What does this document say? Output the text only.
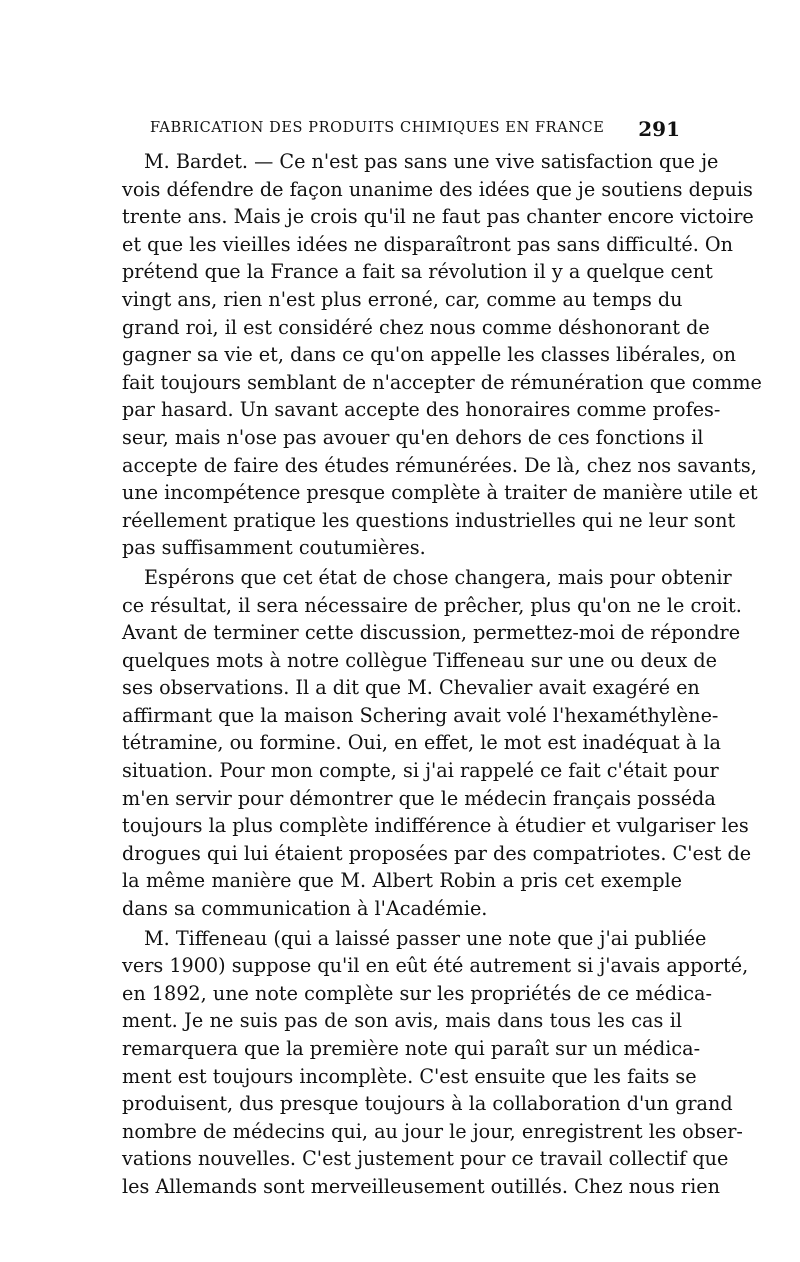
FABRICATION DES PRODUITS CHIMIQUES EN FRANCE 291
M. Bardet. — Ce n'est pas sans une vive satisfaction que je
vois défendre de façon unanime des idées que je soutiens depuis
trente ans. Mais je crois qu'il ne faut pas chanter encore victoire
et que les vieilles idées ne disparaîtront pas sans difficulté. On
prétend que la France a fait sa révolution il y a quelque cent
vingt ans, rien n'est plus erroné, car, comme au temps du
grand roi, il est considéré chez nous comme déshonorant de
gagner sa vie et, dans ce qu'on appelle les classes libérales, on
fait toujours semblant de n'accepter de rémunération que comme
par hasard. Un savant accepte des honoraires comme profes-
seur, mais n'ose pas avouer qu'en dehors de ces fonctions il
accepte de faire des études rémunérées. De là, chez nos savants,
une incompétence presque complète à traiter de manière utile et
réellement pratique les questions industrielles qui ne leur sont
pas suffisamment coutumières.
Espérons que cet état de chose changera, mais pour obtenir
ce résultat, il sera nécessaire de prêcher, plus qu'on ne le croit.
Avant de terminer cette discussion, permettez-moi de répondre
quelques mots à notre collègue Tiffeneau sur une ou deux de
ses observations. Il a dit que M. Chevalier avait exagéré en
affirmant que la maison Schering avait volé l'hexaméthylène-
tétramine, ou formine. Oui, en effet, le mot est inadéquat à la
situation. Pour mon compte, si j'ai rappelé ce fait c'était pour
m'en servir pour démontrer que le médecin français posséda
toujours la plus complète indifférence à étudier et vulgariser les
drogues qui lui étaient proposées par des compatriotes. C'est de
la même manière que M. Albert Robin a pris cet exemple
dans sa communication à l'Académie.
M. Tiffeneau (qui a laissé passer une note que j'ai publiée
vers 1900) suppose qu'il en eût été autrement si j'avais apporté,
en 1892, une note complète sur les propriétés de ce médica-
ment. Je ne suis pas de son avis, mais dans tous les cas il
remarquera que la première note qui paraît sur un médica-
ment est toujours incomplète. C'est ensuite que les faits se
produisent, dus presque toujours à la collaboration d'un grand
nombre de médecins qui, au jour le jour, enregistrent les obser-
vations nouvelles. C'est justement pour ce travail collectif que
les Allemands sont merveilleusement outillés. Chez nous rien
